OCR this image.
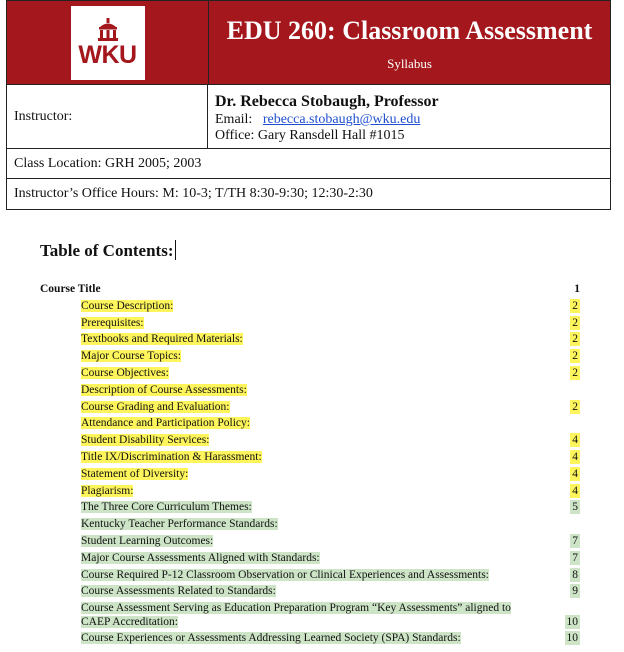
WKU
EDU 260: Classroom Assessment
Syllabus
Instructor:
Dr. Rebecca Stobaugh, Professor
Email: rebecca.stobaugh@wku.edu
Office: Gary Ransdell Hall #1015
Class Location: GRH 2005; 2003
Instructor’s Office Hours: M: 10-3; T/TH 8:30-9:30; 12:30-2:30
Table of Contents:
Course Title	1
Course Description:	2
Prerequisites:	2
Textbooks and Required Materials:	2
Major Course Topics:	2
Course Objectives:	2
Description of Course Assessments:
Course Grading and Evaluation:	2
Attendance and Participation Policy:
Student Disability Services:	4
Title IX/Discrimination & Harassment:	4
Statement of Diversity:	4
Plagiarism:	4
The Three Core Curriculum Themes:	5
Kentucky Teacher Performance Standards:
Student Learning Outcomes:	7
Major Course Assessments Aligned with Standards:	7
Course Required P-12 Classroom Observation or Clinical Experiences and Assessments:	8
Course Assessments Related to Standards:	9
Course Assessment Serving as Education Preparation Program “Key Assessments” aligned to CAEP Accreditation:	10
Course Experiences or Assessments Addressing Learned Society (SPA) Standards:	10
